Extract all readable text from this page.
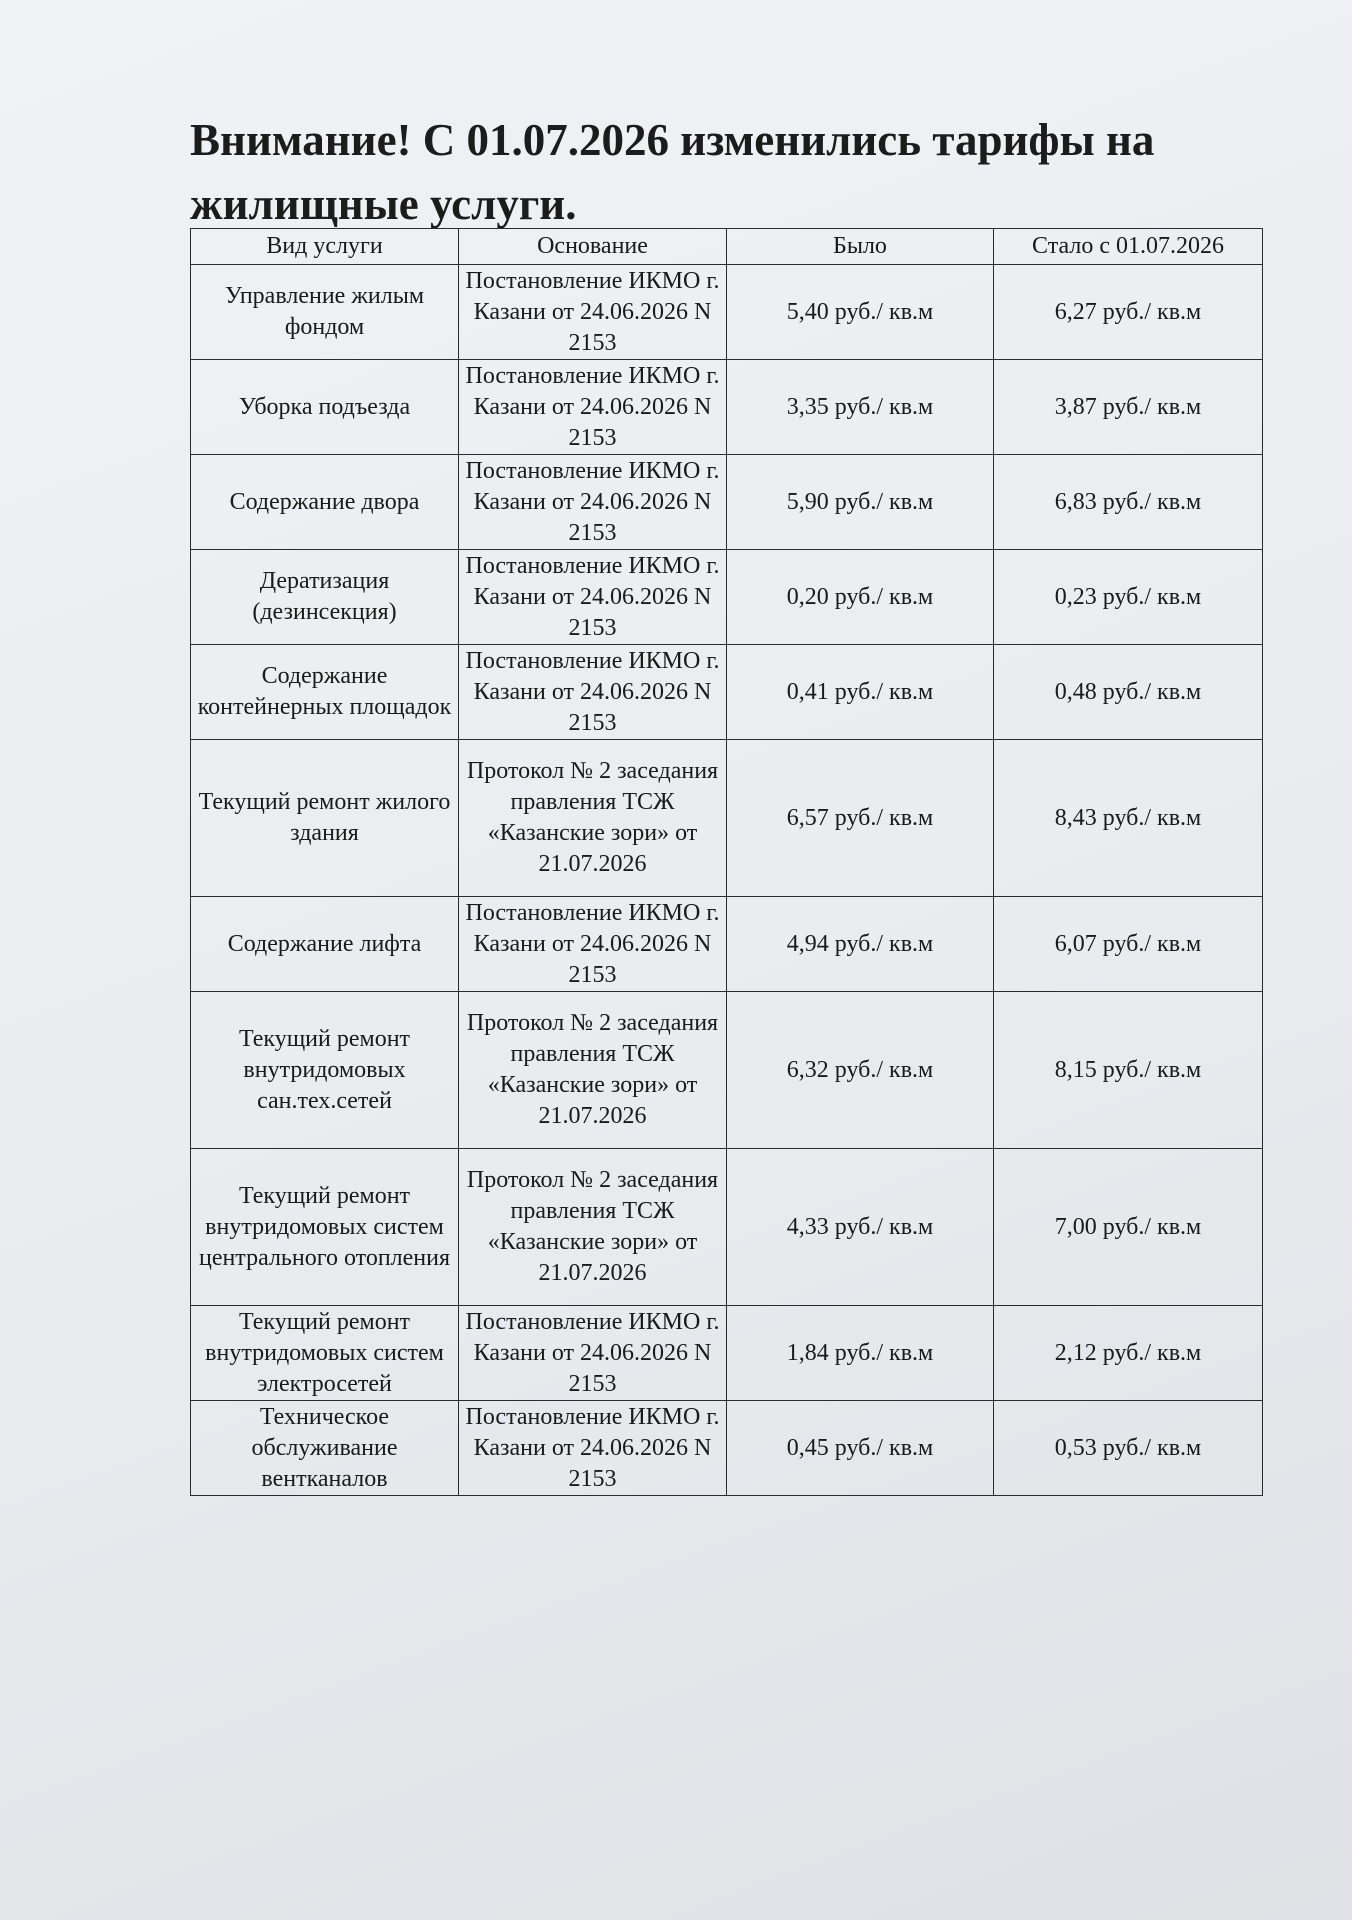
Внимание! С 01.07.2026 изменились тарифы на
жилищные услуги.
Вид услуги	Основание	Было	Стало с 01.07.2026
Управление жилым фондом	Постановление ИКМО г. Казани от 24.06.2026 N 2153	5,40 руб./ кв.м	6,27 руб./ кв.м
Уборка подъезда	Постановление ИКМО г. Казани от 24.06.2026 N 2153	3,35 руб./ кв.м	3,87 руб./ кв.м
Содержание двора	Постановление ИКМО г. Казани от 24.06.2026 N 2153	5,90 руб./ кв.м	6,83 руб./ кв.м
Дератизация (дезинсекция)	Постановление ИКМО г. Казани от 24.06.2026 N 2153	0,20 руб./ кв.м	0,23 руб./ кв.м
Содержание контейнерных площадок	Постановление ИКМО г. Казани от 24.06.2026 N 2153	0,41 руб./ кв.м	0,48 руб./ кв.м
Текущий ремонт жилого здания	Протокол № 2 заседания правления ТСЖ «Казанские зори» от 21.07.2026	6,57 руб./ кв.м	8,43 руб./ кв.м
Содержание лифта	Постановление ИКМО г. Казани от 24.06.2026 N 2153	4,94 руб./ кв.м	6,07 руб./ кв.м
Текущий ремонт внутридомовых сан.тех.сетей	Протокол № 2 заседания правления ТСЖ «Казанские зори» от 21.07.2026	6,32 руб./ кв.м	8,15 руб./ кв.м
Текущий ремонт внутридомовых систем центрального отопления	Протокол № 2 заседания правления ТСЖ «Казанские зори» от 21.07.2026	4,33 руб./ кв.м	7,00 руб./ кв.м
Текущий ремонт внутридомовых систем электросетей	Постановление ИКМО г. Казани от 24.06.2026 N 2153	1,84 руб./ кв.м	2,12 руб./ кв.м
Техническое обслуживание вентканалов	Постановление ИКМО г. Казани от 24.06.2026 N 2153	0,45 руб./ кв.м	0,53 руб./ кв.м
